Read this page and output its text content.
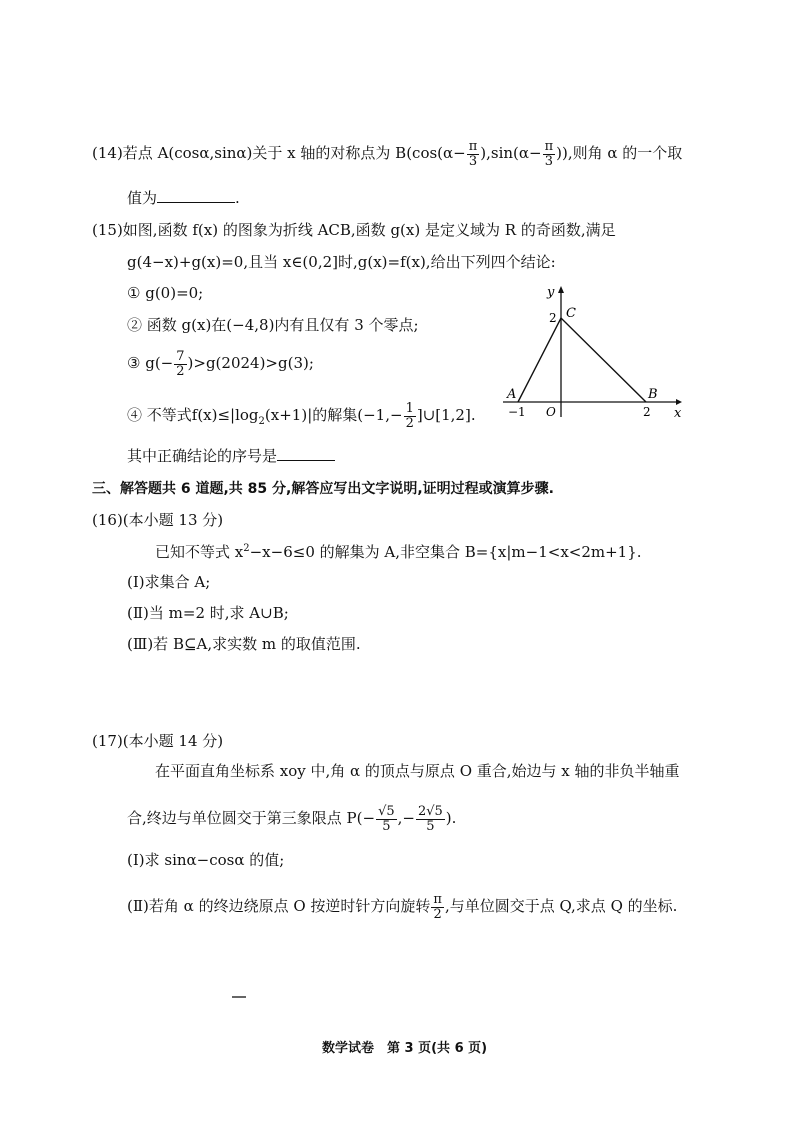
(14)若点 A(cosα,sinα)关于 x 轴的对称点为 $B(\cos(\alpha- \frac{\pi}{3} ),\sin(\alpha- \frac{\pi}{3}$ )),则角 α 的一个取
值为	.
(15)如图,函数 f(x) 的图象为折线 ACB,函数 g(x) 是定义域为 R 的奇函数,满足
g(4−x)+g(x)=0,且当 x∈(0,2]时,g(x)=f(x),给出下列四个结论:
① g(0)=0;
② 函数 g(x)在(−4,8)内有且仅有 3 个零点;
③ $g(- \frac{7}{2} )>g(2024)>g(3)$;
④ 不等式$f(x)\le|\log_2(x+1)|$的解集($-1,- \frac{1}{2}$ ]∪[1,2].
其中正确结论的序号是
y
x
C
2
A	B
−1 O	2
三、解答题共 6 道题,共 85 分,解答应写出文字说明,证明过程或演算步骤.
(16)(本小题 13 分)
已知不等式 $x^2-x-6\le 0$ 的解集为 A,非空集合 B={x|m−1<x<2m+1}.
(Ⅰ)求集合 A;
(Ⅱ)当 m=2 时,求 A∪B;
(Ⅲ)若 B⊆A,求实数 m 的取值范围.
(17)(本小题 14 分)
在平面直角坐标系 xoy 中,角 α 的顶点与原点 O 重合,始边与 x 轴的非负半轴重
合,终边与单位圆交于第三象限点 $P(- \frac{√5}{5}$ ,− $\frac{2√5}{5}$ ).
(Ⅰ)求 sinα−cosα 的值;
(Ⅱ)若角 α 的终边绕原点 O 按逆时针方向旋转 $\frac{\pi}{2}$ ,与单位圆交于点 Q,求点 Q 的坐标.
数学试卷　第 3 页(共 6 页)
